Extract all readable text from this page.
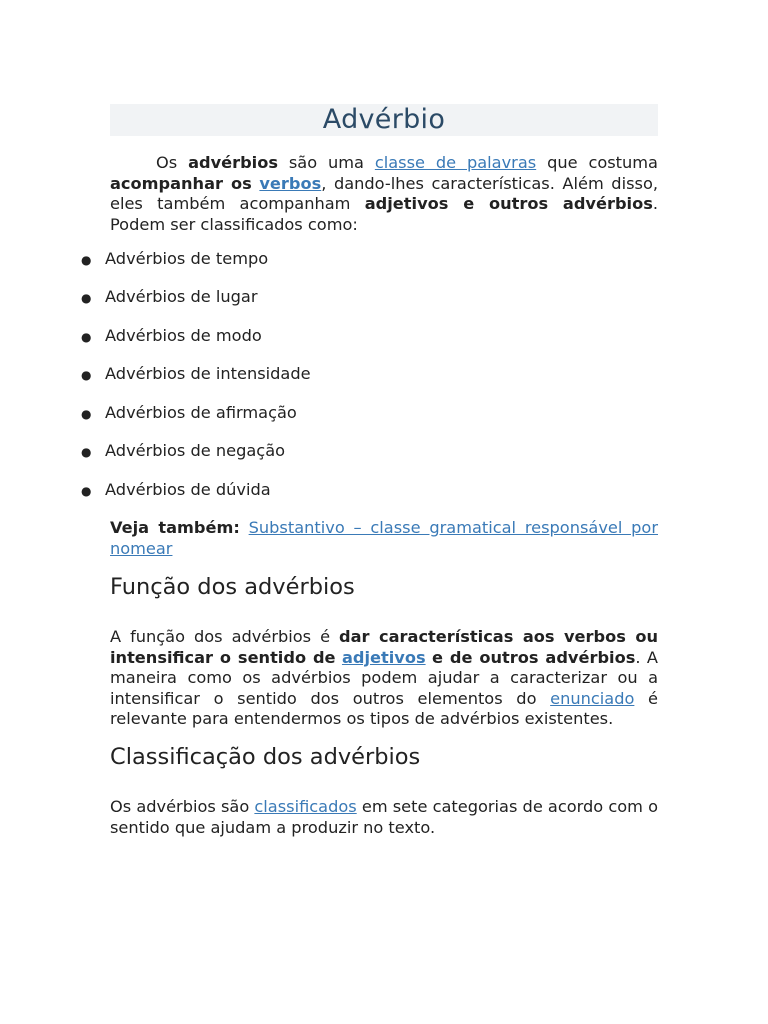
Advérbio

Os advérbios são uma classe de palavras que costuma acompanhar os verbos, dando-lhes características. Além disso, eles também acompanham adjetivos e outros advérbios. Podem ser classificados como:

● Advérbios de tempo
● Advérbios de lugar
● Advérbios de modo
● Advérbios de intensidade
● Advérbios de afirmação
● Advérbios de negação
● Advérbios de dúvida

Veja também: Substantivo – classe gramatical responsável por nomear

Função dos advérbios

A função dos advérbios é dar características aos verbos ou intensificar o sentido de adjetivos e de outros advérbios. A maneira como os advérbios podem ajudar a caracterizar ou a intensificar o sentido dos outros elementos do enunciado é relevante para entendermos os tipos de advérbios existentes.

Classificação dos advérbios

Os advérbios são classificados em sete categorias de acordo com o sentido que ajudam a produzir no texto.
